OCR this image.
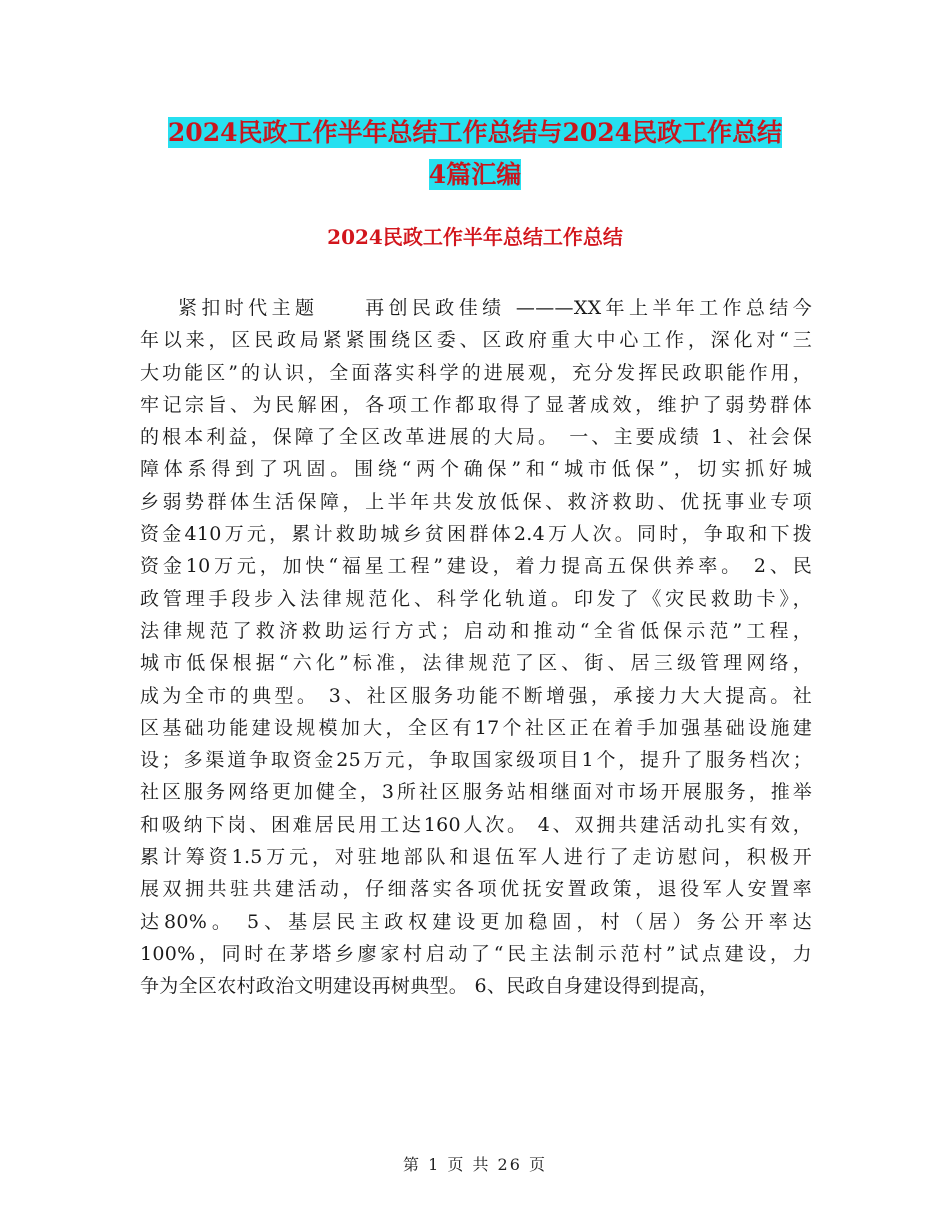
2024民政工作半年总结工作总结与2024民政工作总结
4篇汇编
2024民政工作半年总结工作总结
紧扣时代主题　　再创民政佳绩 ———XX年上半年工作总结今
年以来，区民政局紧紧围绕区委、区政府重大中心工作，深化对“三
大功能区”的认识，全面落实科学的进展观，充分发挥民政职能作用，
牢记宗旨、为民解困，各项工作都取得了显著成效，维护了弱势群体
的根本利益，保障了全区改革进展的大局。 一、主要成绩 1、社会保
障体系得到了巩固。围绕“两个确保”和“城市低保”，切实抓好城
乡弱势群体生活保障，上半年共发放低保、救济救助、优抚事业专项
资金410万元，累计救助城乡贫困群体2.4万人次。同时，争取和下拨
资金10万元，加快“福星工程”建设，着力提高五保供养率。 2、民
政管理手段步入法律规范化、科学化轨道。印发了《灾民救助卡》，
法律规范了救济救助运行方式；启动和推动“全省低保示范”工程，
城市低保根据“六化”标准，法律规范了区、街、居三级管理网络，
成为全市的典型。 3、社区服务功能不断增强，承接力大大提高。社
区基础功能建设规模加大，全区有17个社区正在着手加强基础设施建
设；多渠道争取资金25万元，争取国家级项目1个，提升了服务档次；
社区服务网络更加健全，3所社区服务站相继面对市场开展服务，推举
和吸纳下岗、困难居民用工达160人次。 4、双拥共建活动扎实有效，
累计筹资1.5万元，对驻地部队和退伍军人进行了走访慰问，积极开
展双拥共驻共建活动，仔细落实各项优抚安置政策，退役军人安置率
达80%。 5、基层民主政权建设更加稳固，村（居）务公开率达
100%，同时在茅塔乡廖家村启动了“民主法制示范村”试点建设，力
争为全区农村政治文明建设再树典型。 6、民政自身建设得到提高，
第 1 页 共 26 页
